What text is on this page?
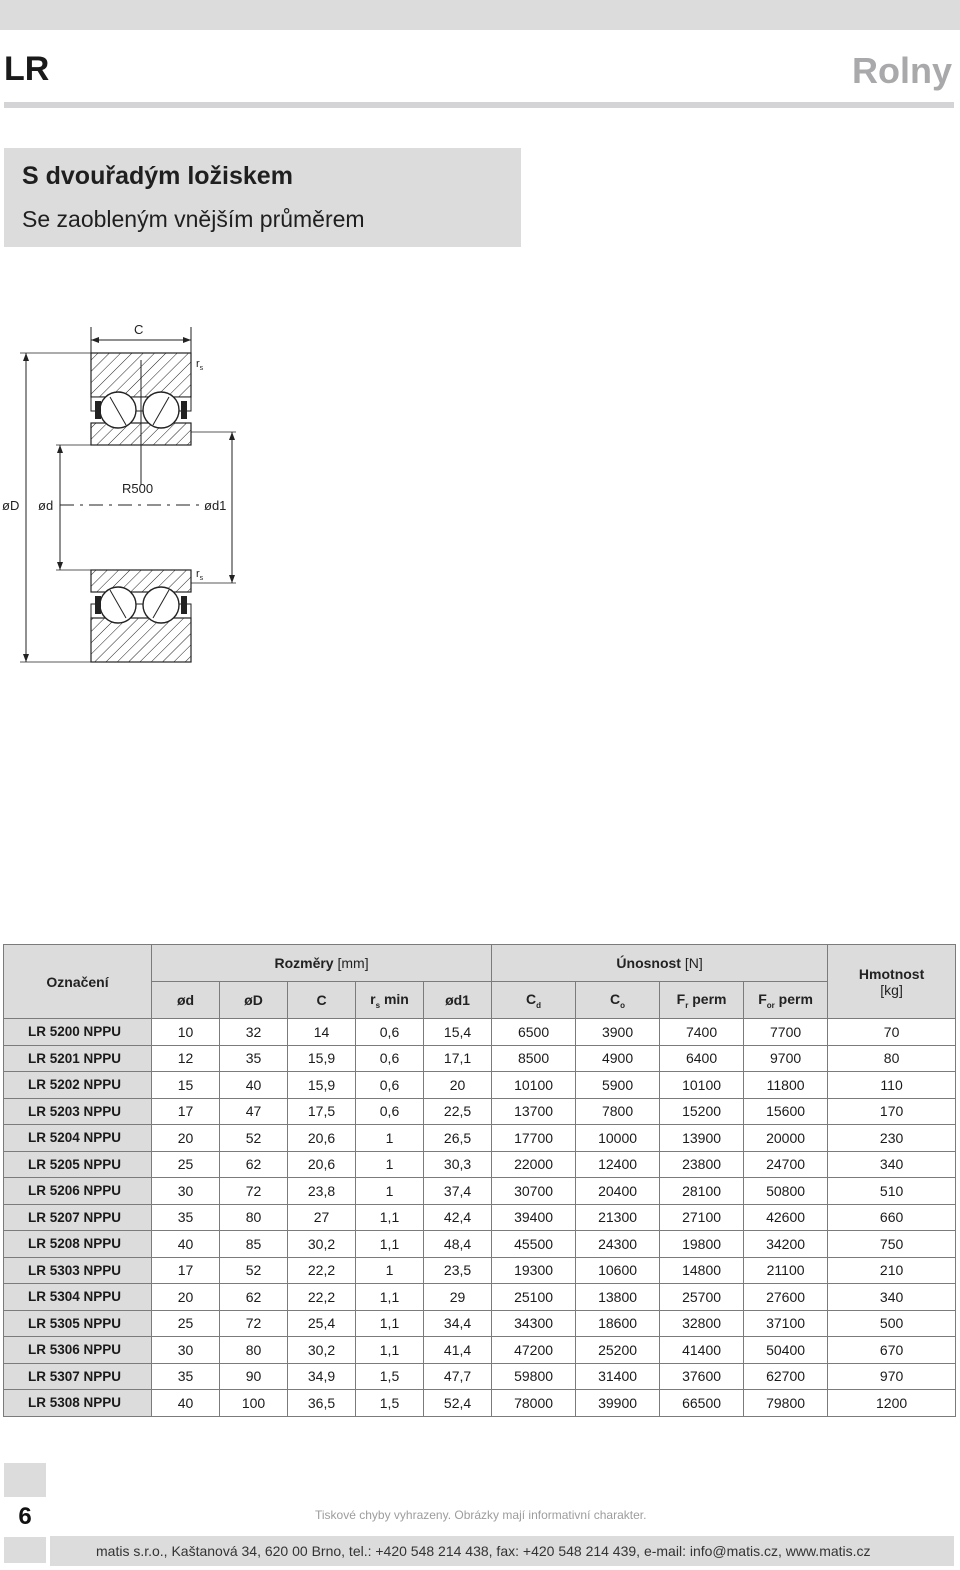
LR	Rolny
S dvouřadým ložiskem
Se zaobleným vnějším průměrem
C
$r_s$
$r_s$
R500
øD ød	ød1
Označení	Rozměry [mm]					Únosnost [N]				Hmotnost
[kg]
	ød	øD	C	$r_s$ min	ød1	$C_d$	$C_o$	$F_r$ perm	$F_{or}$ perm	
LR 5200 NPPU	10	32	14	0,6	15,4	6500	3900	7400	7700	70
LR 5201 NPPU	12	35	15,9	0,6	17,1	8500	4900	6400	9700	80
LR 5202 NPPU	15	40	15,9	0,6	20	10100	5900	10100	11800	110
LR 5203 NPPU	17	47	17,5	0,6	22,5	13700	7800	15200	15600	170
LR 5204 NPPU	20	52	20,6	1	26,5	17700	10000	13900	20000	230
LR 5205 NPPU	25	62	20,6	1	30,3	22000	12400	23800	24700	340
LR 5206 NPPU	30	72	23,8	1	37,4	30700	20400	28100	50800	510
LR 5207 NPPU	35	80	27	1,1	42,4	39400	21300	27100	42600	660
LR 5208 NPPU	40	85	30,2	1,1	48,4	45500	24300	19800	34200	750
LR 5303 NPPU	17	52	22,2	1	23,5	19300	10600	14800	21100	210
LR 5304 NPPU	20	62	22,2	1,1	29	25100	13800	25700	27600	340
LR 5305 NPPU	25	72	25,4	1,1	34,4	34300	18600	32800	37100	500
LR 5306 NPPU	30	80	30,2	1,1	41,4	47200	25200	41400	50400	670
LR 5307 NPPU	35	90	34,9	1,5	47,7	59800	31400	37600	62700	970
LR 5308 NPPU	40	100	36,5	1,5	52,4	78000	39900	66500	79800	1200
6	Tiskové chyby vyhrazeny. Obrázky mají informativní charakter.
matis s.r.o., Kaštanová 34, 620 00 Brno, tel.: +420 548 214 438, fax: +420 548 214 439, e-mail: info@matis.cz, www.matis.cz
